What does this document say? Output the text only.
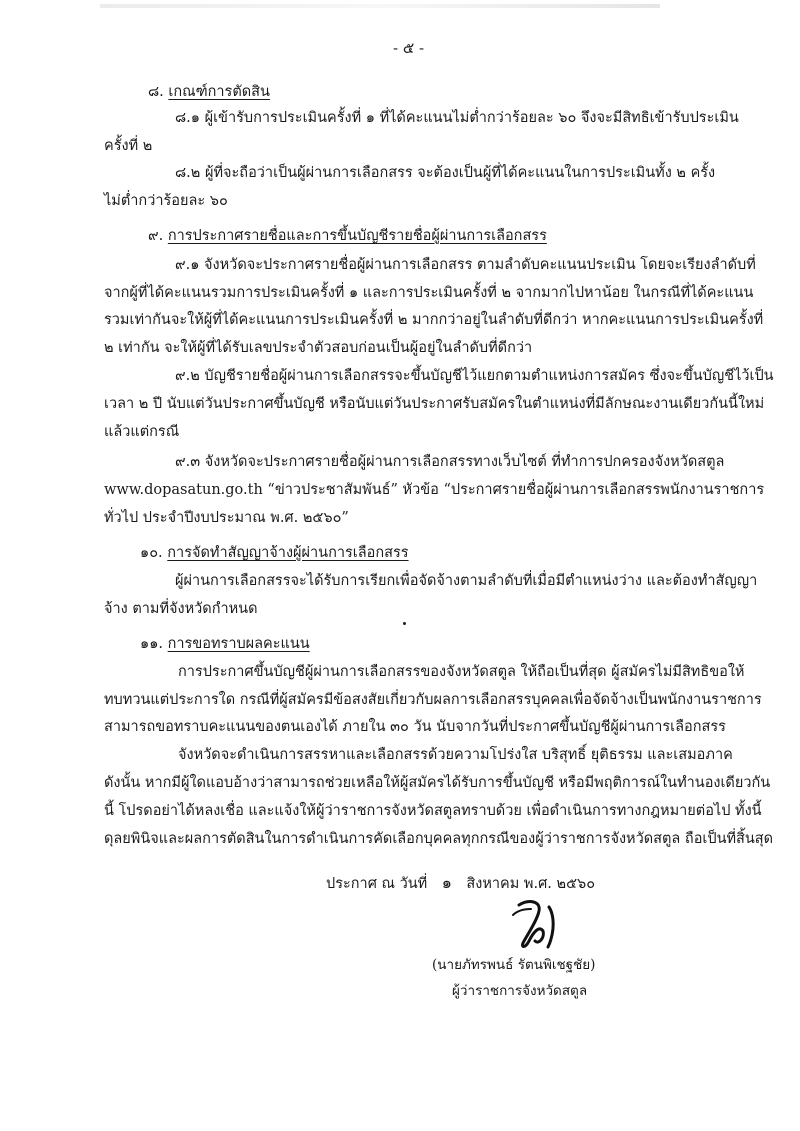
- ๕ -
๘. เกณฑ์การตัดสิน
๘.๑ ผู้เข้ารับการประเมินครั้งที่ ๑ ที่ได้คะแนนไม่ต่ำกว่าร้อยละ ๖๐ จึงจะมีสิทธิเข้ารับประเมิน
ครั้งที่ ๒
๘.๒ ผู้ที่จะถือว่าเป็นผู้ผ่านการเลือกสรร จะต้องเป็นผู้ที่ได้คะแนนในการประเมินทั้ง ๒ ครั้ง
ไม่ต่ำกว่าร้อยละ ๖๐
๙. การประกาศรายชื่อและการขึ้นบัญชีรายชื่อผู้ผ่านการเลือกสรร
๙.๑ จังหวัดจะประกาศรายชื่อผู้ผ่านการเลือกสรร ตามลำดับคะแนนประเมิน โดยจะเรียงลำดับที่
จากผู้ที่ได้คะแนนรวมการประเมินครั้งที่ ๑ และการประเมินครั้งที่ ๒ จากมากไปหาน้อย ในกรณีที่ได้คะแนน
รวมเท่ากันจะให้ผู้ที่ได้คะแนนการประเมินครั้งที่ ๒ มากกว่าอยู่ในลำดับที่ดีกว่า หากคะแนนการประเมินครั้งที่
๒ เท่ากัน จะให้ผู้ที่ได้รับเลขประจำตัวสอบก่อนเป็นผู้อยู่ในลำดับที่ดีกว่า
๙.๒ บัญชีรายชื่อผู้ผ่านการเลือกสรรจะขึ้นบัญชีไว้แยกตามตำแหน่งการสมัคร ซึ่งจะขึ้นบัญชีไว้เป็น
เวลา ๒ ปี นับแต่วันประกาศขึ้นบัญชี หรือนับแต่วันประกาศรับสมัครในตำแหน่งที่มีลักษณะงานเดียวกันนี้ใหม่
แล้วแต่กรณี
๙.๓ จังหวัดจะประกาศรายชื่อผู้ผ่านการเลือกสรรทางเว็บไซต์ ที่ทำการปกครองจังหวัดสตูล
www.dopasatun.go.th “ข่าวประชาสัมพันธ์” หัวข้อ “ประกาศรายชื่อผู้ผ่านการเลือกสรรพนักงานราชการ
ทั่วไป ประจำปีงบประมาณ พ.ศ. ๒๕๖๐”
๑๐. การจัดทำสัญญาจ้างผู้ผ่านการเลือกสรร
ผู้ผ่านการเลือกสรรจะได้รับการเรียกเพื่อจัดจ้างตามลำดับที่เมื่อมีตำแหน่งว่าง และต้องทำสัญญา
จ้าง ตามที่จังหวัดกำหนด
๑๑. การขอทราบผลคะแนน
การประกาศขึ้นบัญชีผู้ผ่านการเลือกสรรของจังหวัดสตูล ให้ถือเป็นที่สุด ผู้สมัครไม่มีสิทธิขอให้
ทบทวนแต่ประการใด กรณีที่ผู้สมัครมีข้อสงสัยเกี่ยวกับผลการเลือกสรรบุคคลเพื่อจัดจ้างเป็นพนักงานราชการ
สามารถขอทราบคะแนนของตนเองได้ ภายใน ๓๐ วัน นับจากวันที่ประกาศขึ้นบัญชีผู้ผ่านการเลือกสรร
จังหวัดจะดำเนินการสรรหาและเลือกสรรด้วยความโปร่งใส บริสุทธิ์ ยุติธรรม และเสมอภาค
ดังนั้น หากมีผู้ใดแอบอ้างว่าสามารถช่วยเหลือให้ผู้สมัครได้รับการขึ้นบัญชี หรือมีพฤติการณ์ในทำนองเดียวกัน
นี้ โปรดอย่าได้หลงเชื่อ และแจ้งให้ผู้ว่าราชการจังหวัดสตูลทราบด้วย เพื่อดำเนินการทางกฎหมายต่อไป ทั้งนี้
ดุลยพินิจและผลการตัดสินในการดำเนินการคัดเลือกบุคคลทุกกรณีของผู้ว่าราชการจังหวัดสตูล ถือเป็นที่สิ้นสุด
ประกาศ ณ วันที่ ๑ สิงหาคม พ.ศ. ๒๕๖๐
(นายภัทรพนธ์ รัตนพิเชฐชัย)
ผู้ว่าราชการจังหวัดสตูล
